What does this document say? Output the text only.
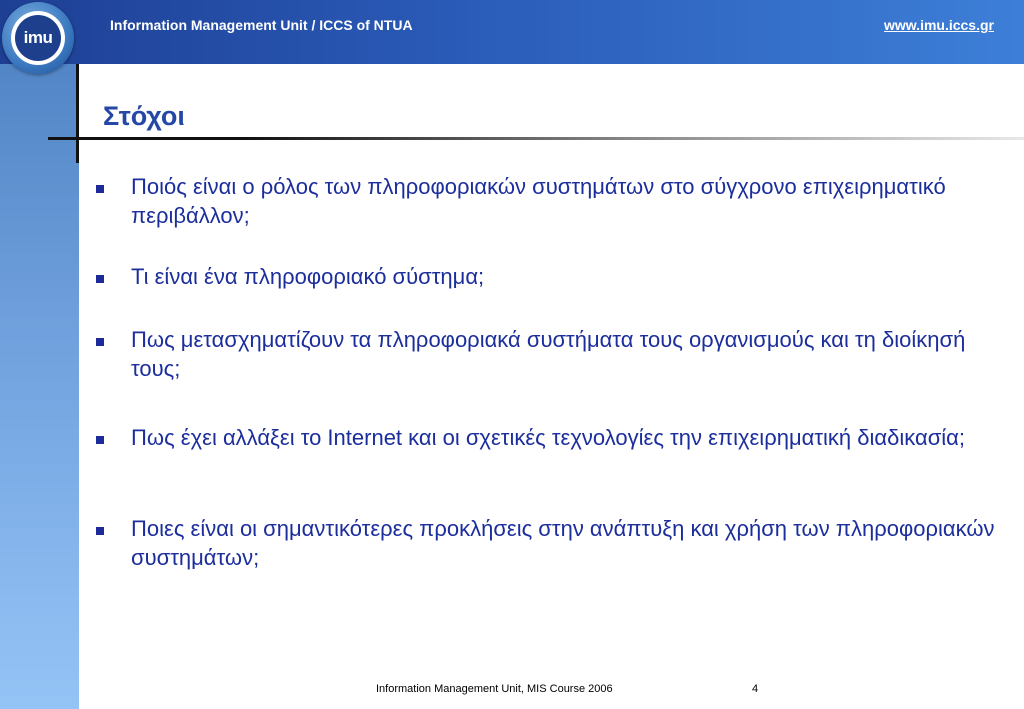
imu
Information Management Unit / ICCS of NTUA	www.imu.iccs.gr
Στόχοι
Ποιός είναι ο ρόλος των πληροφοριακών συστημάτων στο σύγχρονο επιχειρηματικό περιβάλλον;
Τι είναι ένα πληροφοριακό σύστημα;
Πως μετασχηματίζουν τα πληροφοριακά συστήματα τους οργανισμούς και τη διοίκησή τους;
Πως έχει αλλάξει το Internet και οι σχετικές τεχνολογίες την επιχειρηματική διαδικασία;
Ποιες είναι οι σημαντικότερες προκλήσεις στην ανάπτυξη και χρήση των πληροφοριακών συστημάτων;
Information Management Unit, MIS Course 2006	4
